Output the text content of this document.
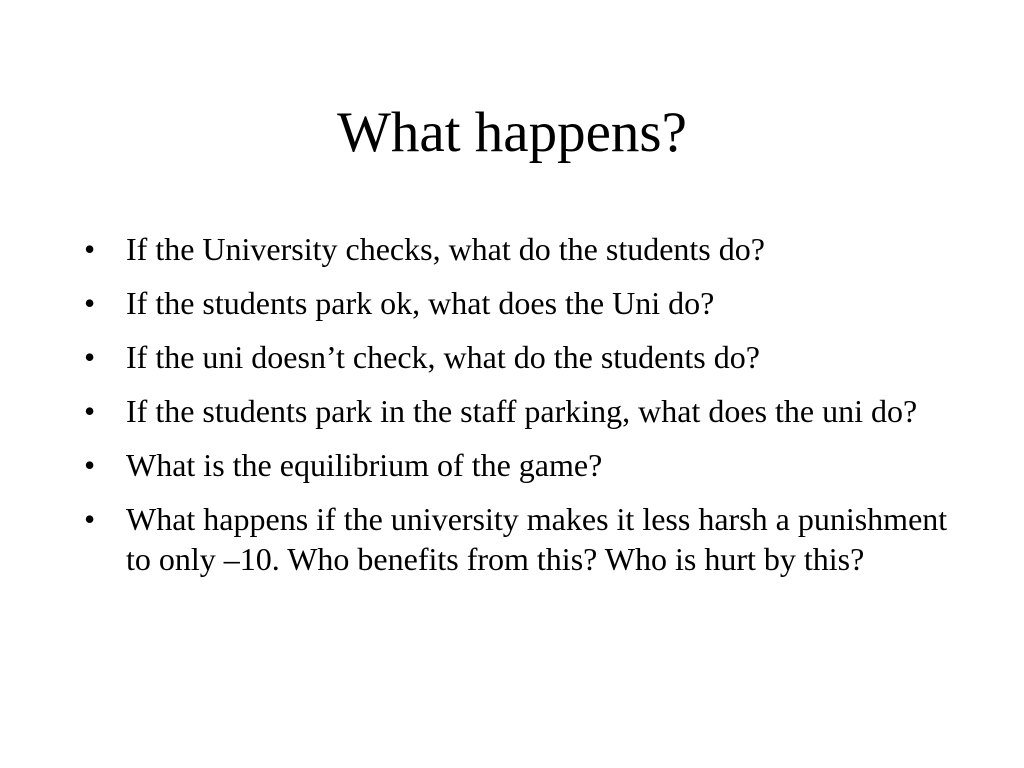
What happens?
• If the University checks, what do the students do?
• If the students park ok, what does the Uni do?
• If the uni doesn’t check, what do the students do?
• If the students park in the staff parking, what does the uni do?
• What is the equilibrium of the game?
• What happens if the university makes it less harsh a punishment to only –10. Who benefits from this? Who is hurt by this?
